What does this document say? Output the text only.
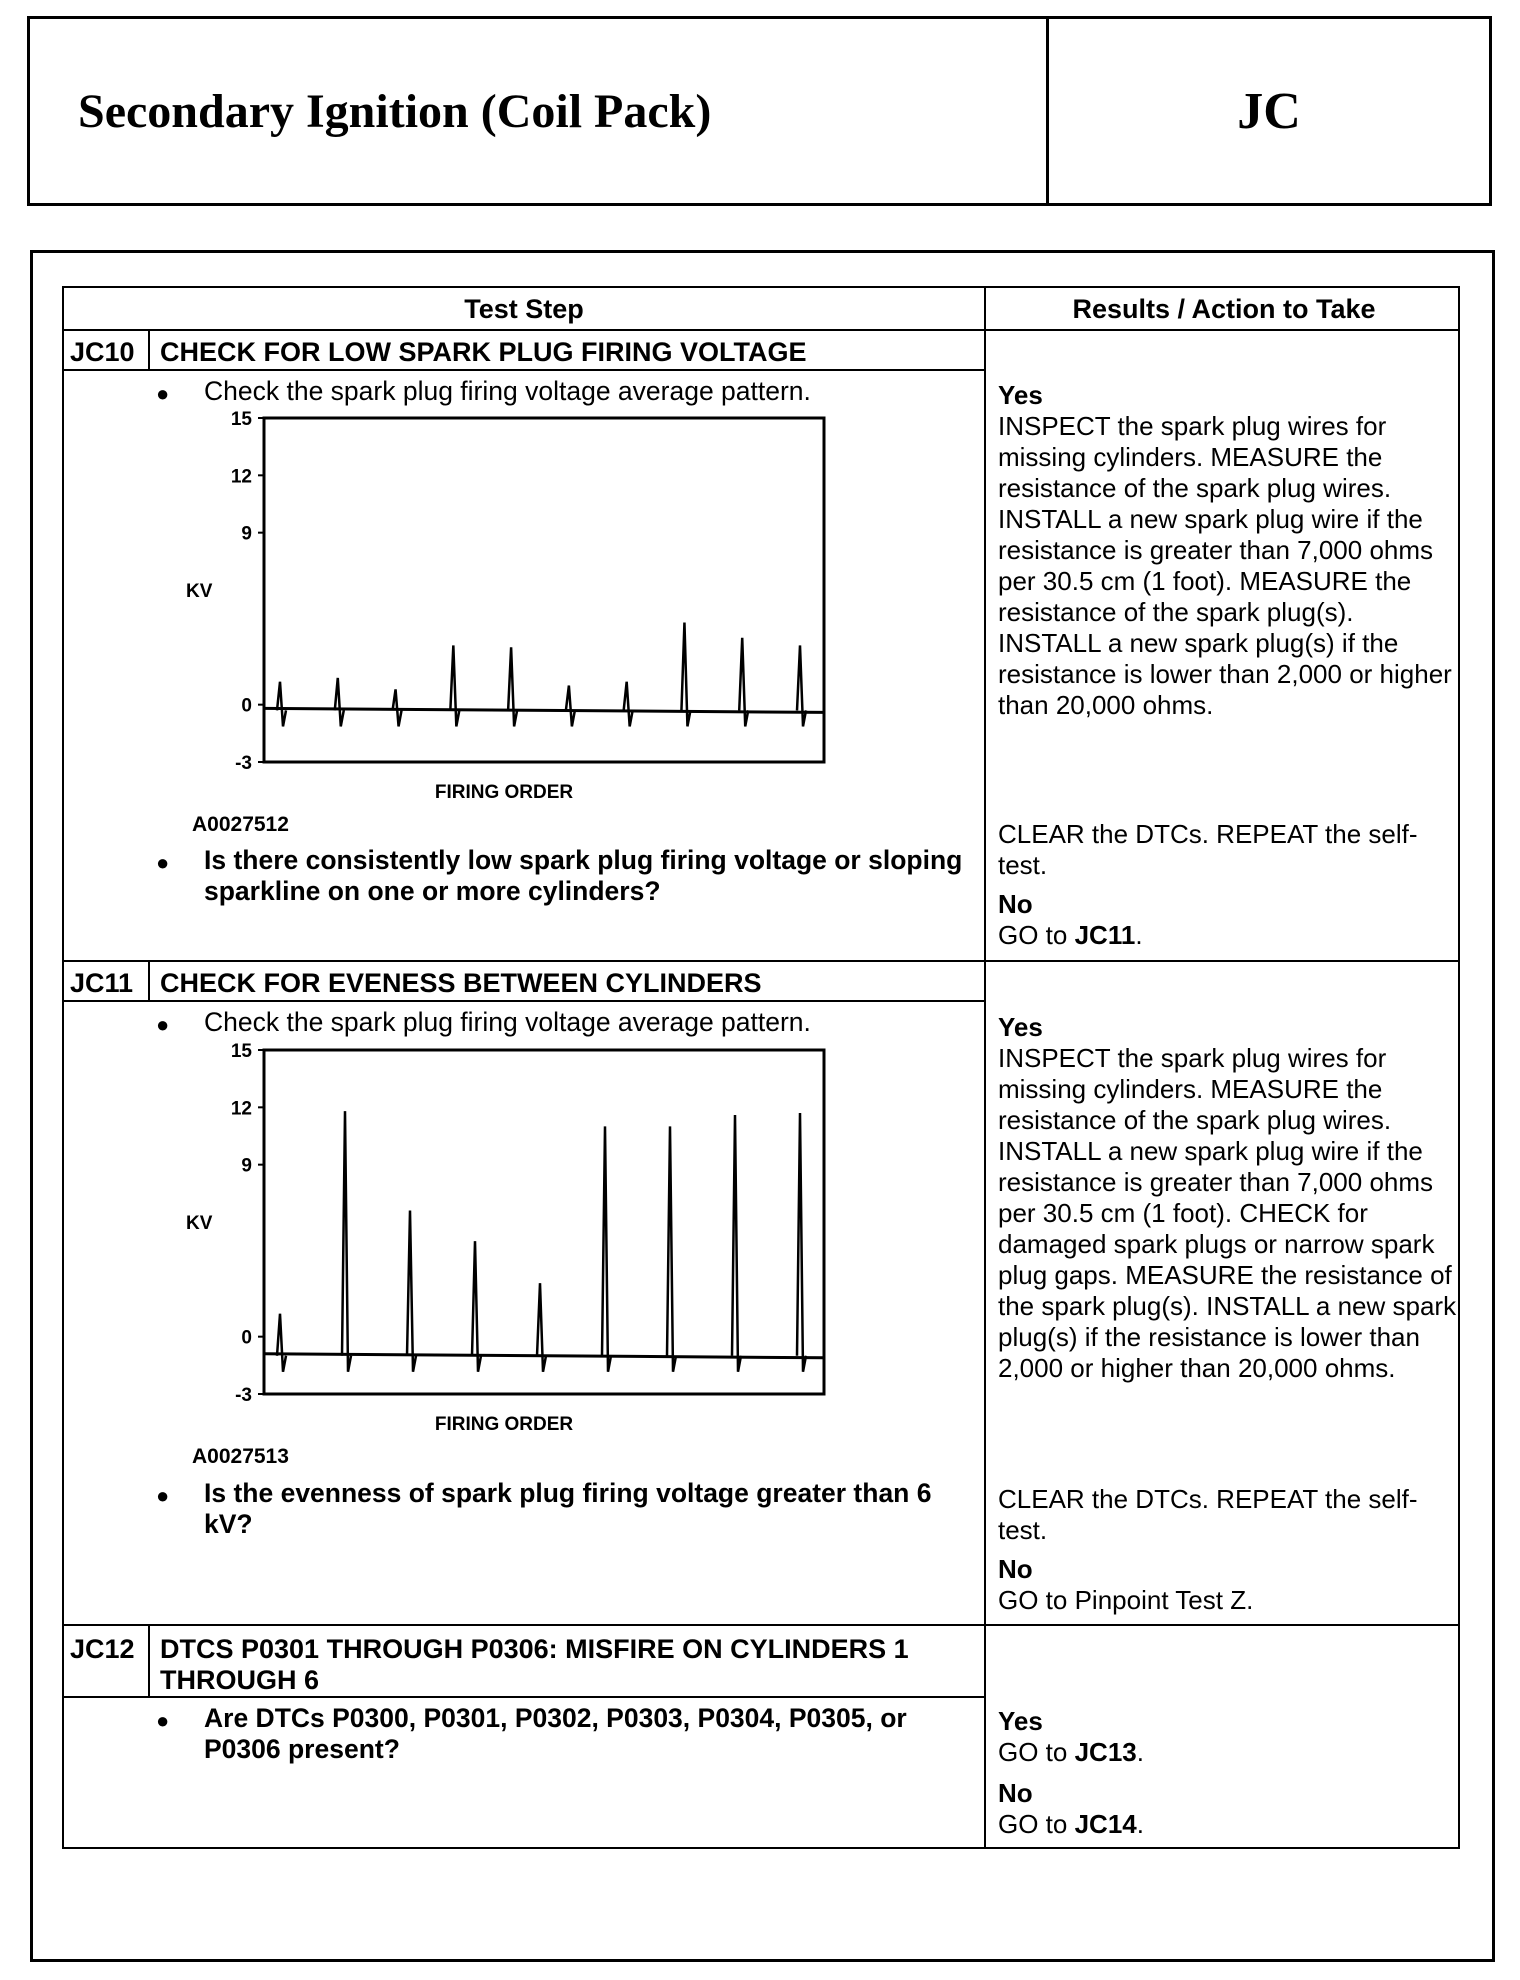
Secondary Ignition (Coil Pack)	JC
Test Step	Results / Action to Take
JC10 CHECK FOR LOW SPARK PLUG FIRING VOLTAGE
● Check the spark plug firing voltage average pattern.
15
12
9
0
-3
KV
FIRING ORDER
A0027512
● Is there consistently low spark plug firing voltage or sloping sparkline on one or more cylinders?
Yes
INSPECT the spark plug wires for missing cylinders. MEASURE the resistance of the spark plug wires. INSTALL a new spark plug wire if the resistance is greater than 7,000 ohms per 30.5 cm (1 foot). MEASURE the resistance of the spark plug(s). INSTALL a new spark plug(s) if the resistance is lower than 2,000 or higher than 20,000 ohms.
CLEAR the DTCs. REPEAT the self-test.
No
GO to JC11.
JC11 CHECK FOR EVENESS BETWEEN CYLINDERS
● Check the spark plug firing voltage average pattern.
15
12
9
0
-3
KV
FIRING ORDER
A0027513
● Is the evenness of spark plug firing voltage greater than 6 kV?
Yes
INSPECT the spark plug wires for missing cylinders. MEASURE the resistance of the spark plug wires. INSTALL a new spark plug wire if the resistance is greater than 7,000 ohms per 30.5 cm (1 foot). CHECK for damaged spark plugs or narrow spark plug gaps. MEASURE the resistance of the spark plug(s). INSTALL a new spark plug(s) if the resistance is lower than 2,000 or higher than 20,000 ohms.
CLEAR the DTCs. REPEAT the self-test.
No
GO to Pinpoint Test Z.
JC12 DTCS P0301 THROUGH P0306: MISFIRE ON CYLINDERS 1 THROUGH 6
● Are DTCs P0300, P0301, P0302, P0303, P0304, P0305, or P0306 present?
Yes
GO to JC13.
No
GO to JC14.
